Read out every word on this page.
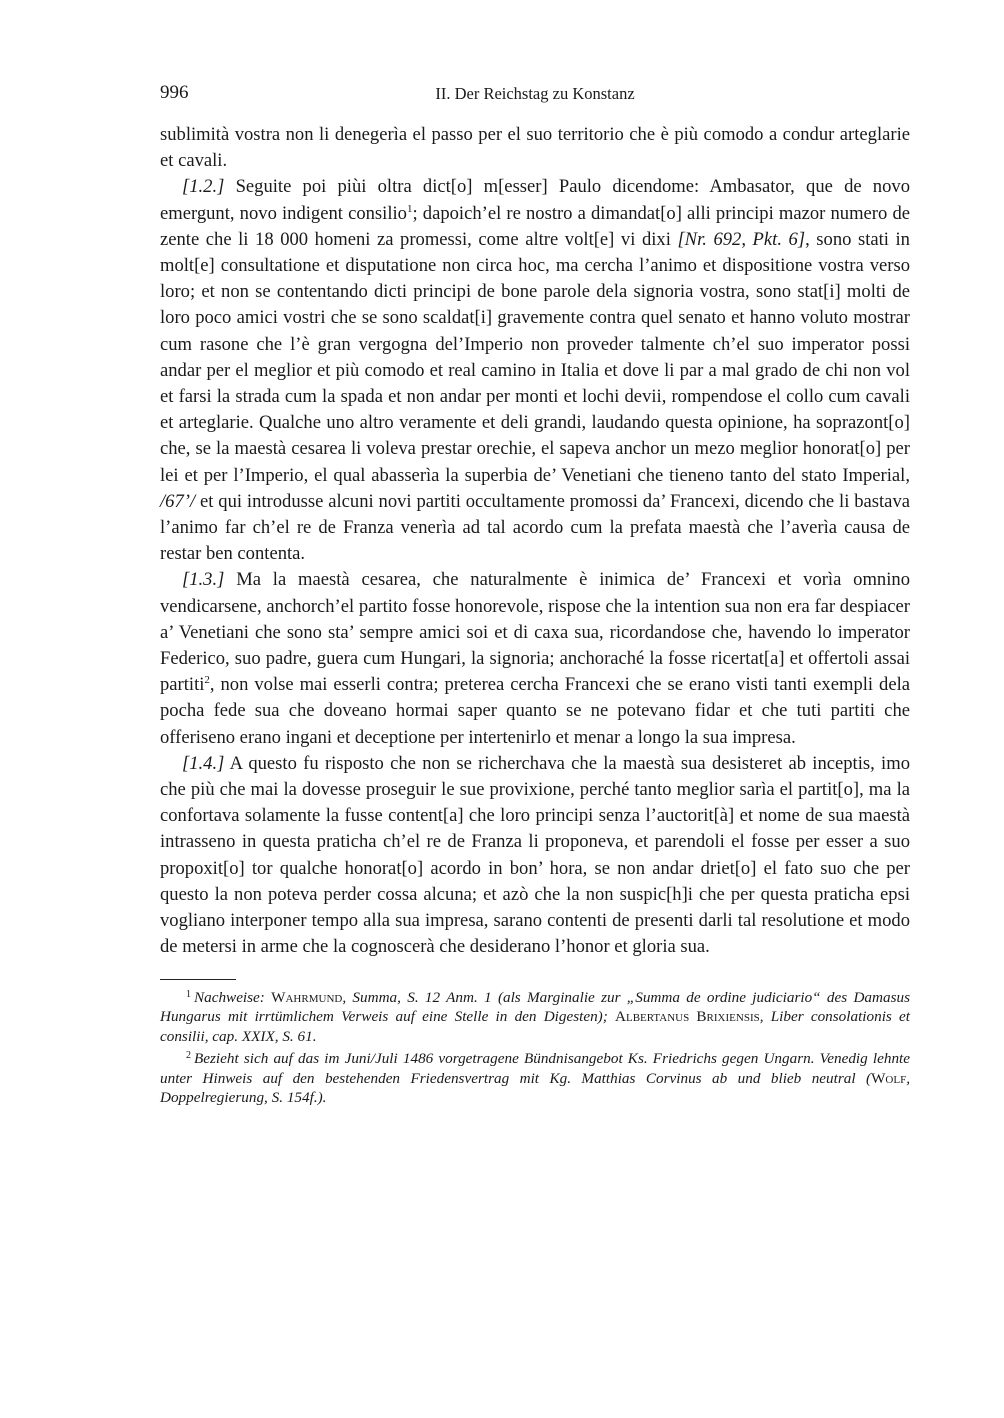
996	II. Der Reichstag zu Konstanz

sublimità vostra non li denegerìa el passo per el suo territorio che è più comodo a condur arteglarie et cavali.

[1.2.] Seguite poi piùi oltra dict[o] m[esser] Paulo dicendome: Ambasator, que de novo emergunt, novo indigent consilio$^1$; dapoich’el re nostro a dimandat[o] alli principi mazor numero de zente che li 18 000 homeni za promessi, come altre volt[e] vi dixi [Nr. 692, Pkt. 6], sono stati in molt[e] consultatione et disputatione non circa hoc, ma cercha l’animo et dispositione vostra verso loro; et non se contentando dicti principi de bone parole dela signoria vostra, sono stat[i] molti de loro poco amici vostri che se sono scaldat[i] gravemente contra quel senato et hanno voluto mostrar cum rasone che l’è gran vergogna del’Imperio non proveder talmente ch’el suo imperator possi andar per el meglior et più comodo et real camino in Italia et dove li par a mal grado de chi non vol et farsi la strada cum la spada et non andar per monti et lochi devii, rompendose el collo cum cavali et arteglarie. Qualche uno altro veramente et deli grandi, laudando questa opinione, ha soprazont[o] che, se la maestà cesarea li voleva prestar orechie, el sapeva anchor un mezo meglior honorat[o] per lei et per l’Imperio, el qual abasserìa la superbia de’ Venetiani che tieneno tanto del stato Imperial, /67’/ et qui introdusse alcuni novi partiti occultamente promossi da’ Francexi, dicendo che li bastava l’animo far ch’el re de Franza venerìa ad tal acordo cum la prefata maestà che l’averìa causa de restar ben contenta.

[1.3.] Ma la maestà cesarea, che naturalmente è inimica de’ Francexi et vorìa omnino vendicarsene, anchorch’el partito fosse honorevole, rispose che la intention sua non era far despiacer a’ Venetiani che sono sta’ sempre amici soi et di caxa sua, ricordandose che, havendo lo imperator Federico, suo padre, guera cum Hungari, la signoria; anchoraché la fosse ricertat[a] et offertoli assai partiti$^2$, non volse mai esserli contra; preterea cercha Francexi che se erano visti tanti exempli dela pocha fede sua che doveano hormai saper quanto se ne potevano fidar et che tuti partiti che offeriseno erano ingani et deceptione per intertenirlo et menar a longo la sua impresa.

[1.4.] A questo fu risposto che non se richerchava che la maestà sua desisteret ab inceptis, imo che più che mai la dovesse proseguir le sue provixione, perché tanto meglior sarìa el partit[o], ma la confortava solamente la fusse content[a] che loro principi senza l’auctorit[à] et nome de sua maestà intrasseno in questa praticha ch’el re de Franza li proponeva, et parendoli el fosse per esser a suo propoxit[o] tor qualche honorat[o] acordo in bon’ hora, se non andar driet[o] el fato suo che per questo la non poteva perder cossa alcuna; et azò che la non suspic[h]i che per questa praticha epsi vogliano interponer tempo alla sua impresa, sarano contenti de presenti darli tal resolutione et modo de metersi in arme che la cognoscerà che desiderano l’honor et gloria sua.

$^1$ Nachweise: Wahrmund, Summa, S. 12 Anm. 1 (als Marginalie zur „Summa de ordine judiciario“ des Damasus Hungarus mit irrtümlichem Verweis auf eine Stelle in den Digesten); Albertanus Brixiensis, Liber consolationis et consilii, cap. XXIX, S. 61.

$^2$ Bezieht sich auf das im Juni/Juli 1486 vorgetragene Bündnisangebot Ks. Friedrichs gegen Ungarn. Venedig lehnte unter Hinweis auf den bestehenden Friedensvertrag mit Kg. Matthias Corvinus ab und blieb neutral (Wolf, Doppelregierung, S. 154f.).
